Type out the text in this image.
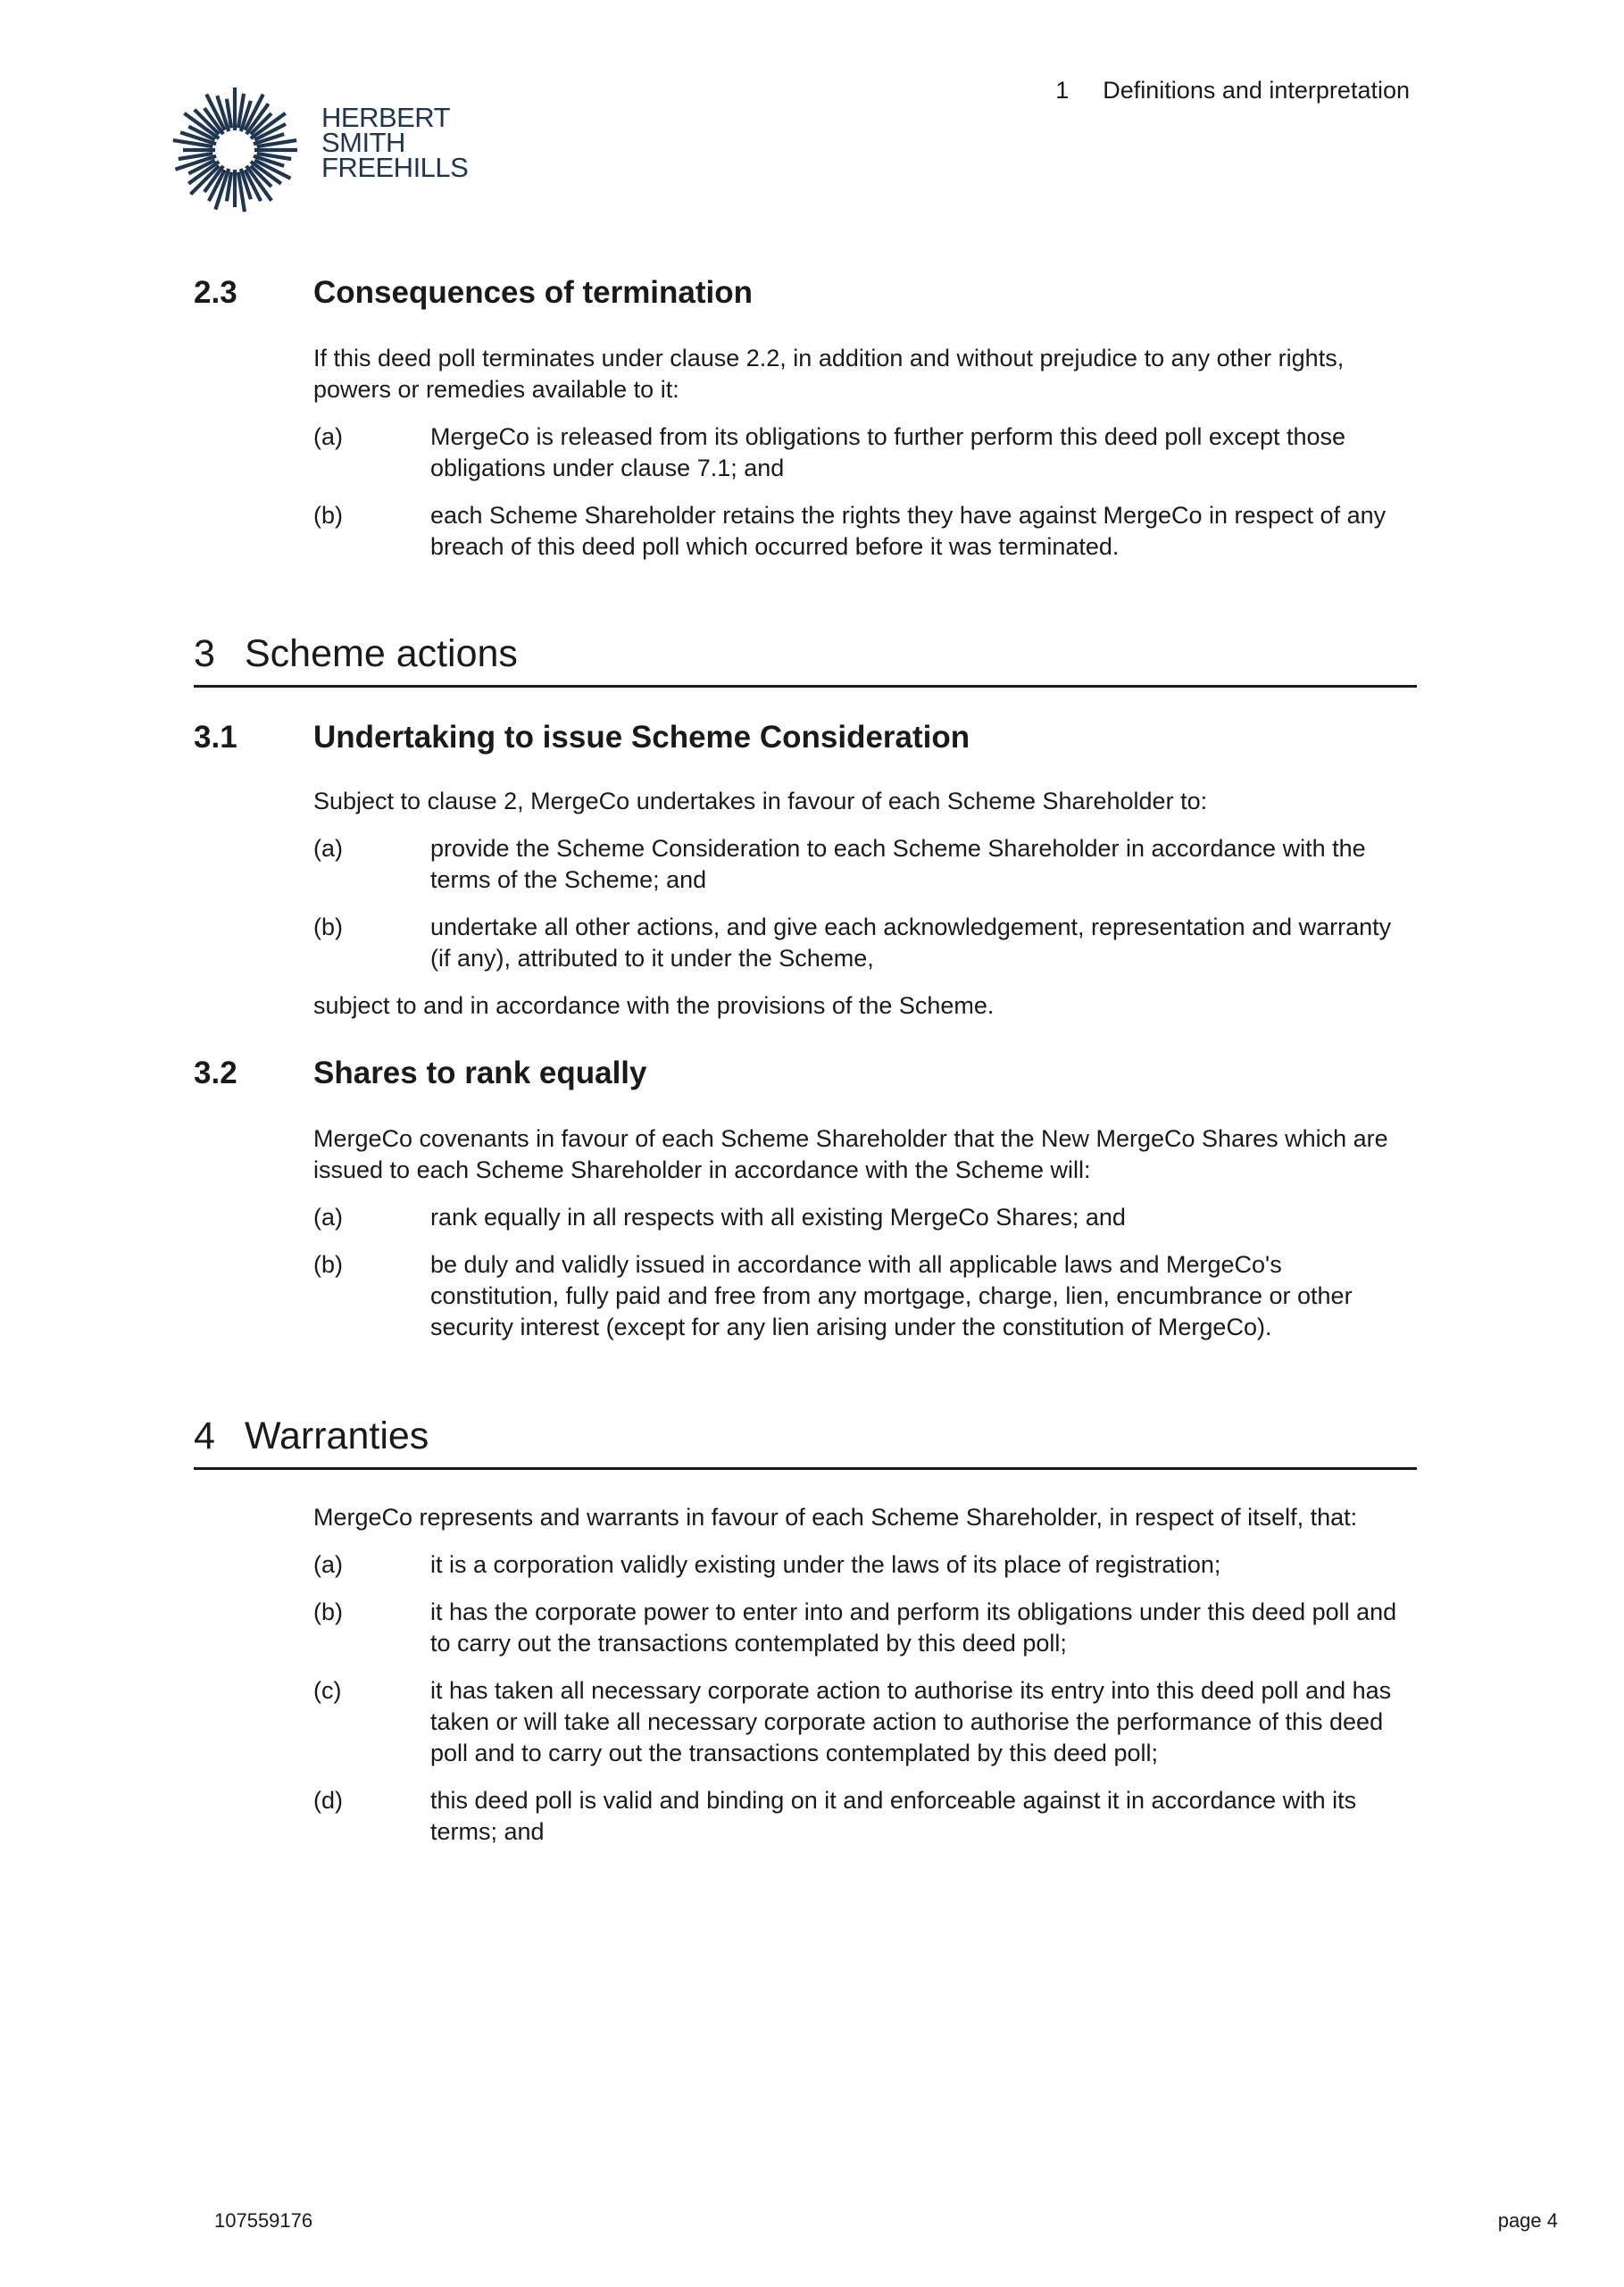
HERBERT
SMITH
FREEHILLS
1 Definitions and interpretation
2.3	Consequences of termination
If this deed poll terminates under clause 2.2, in addition and without prejudice to any other rights, powers or remedies available to it:
(a)	MergeCo is released from its obligations to further perform this deed poll except those obligations under clause 7.1; and
(b)	each Scheme Shareholder retains the rights they have against MergeCo in respect of any breach of this deed poll which occurred before it was terminated.
3 Scheme actions
3.1	Undertaking to issue Scheme Consideration
Subject to clause 2, MergeCo undertakes in favour of each Scheme Shareholder to:
(a)	provide the Scheme Consideration to each Scheme Shareholder in accordance with the terms of the Scheme; and
(b)	undertake all other actions, and give each acknowledgement, representation and warranty (if any), attributed to it under the Scheme,
subject to and in accordance with the provisions of the Scheme.
3.2	Shares to rank equally
MergeCo covenants in favour of each Scheme Shareholder that the New MergeCo Shares which are issued to each Scheme Shareholder in accordance with the Scheme will:
(a)	rank equally in all respects with all existing MergeCo Shares; and
(b)	be duly and validly issued in accordance with all applicable laws and MergeCo's constitution, fully paid and free from any mortgage, charge, lien, encumbrance or other security interest (except for any lien arising under the constitution of MergeCo).
4 Warranties
MergeCo represents and warrants in favour of each Scheme Shareholder, in respect of itself, that:
(a)	it is a corporation validly existing under the laws of its place of registration;
(b)	it has the corporate power to enter into and perform its obligations under this deed poll and to carry out the transactions contemplated by this deed poll;
(c)	it has taken all necessary corporate action to authorise its entry into this deed poll and has taken or will take all necessary corporate action to authorise the performance of this deed poll and to carry out the transactions contemplated by this deed poll;
(d)	this deed poll is valid and binding on it and enforceable against it in accordance with its terms; and
107559176	page 4
